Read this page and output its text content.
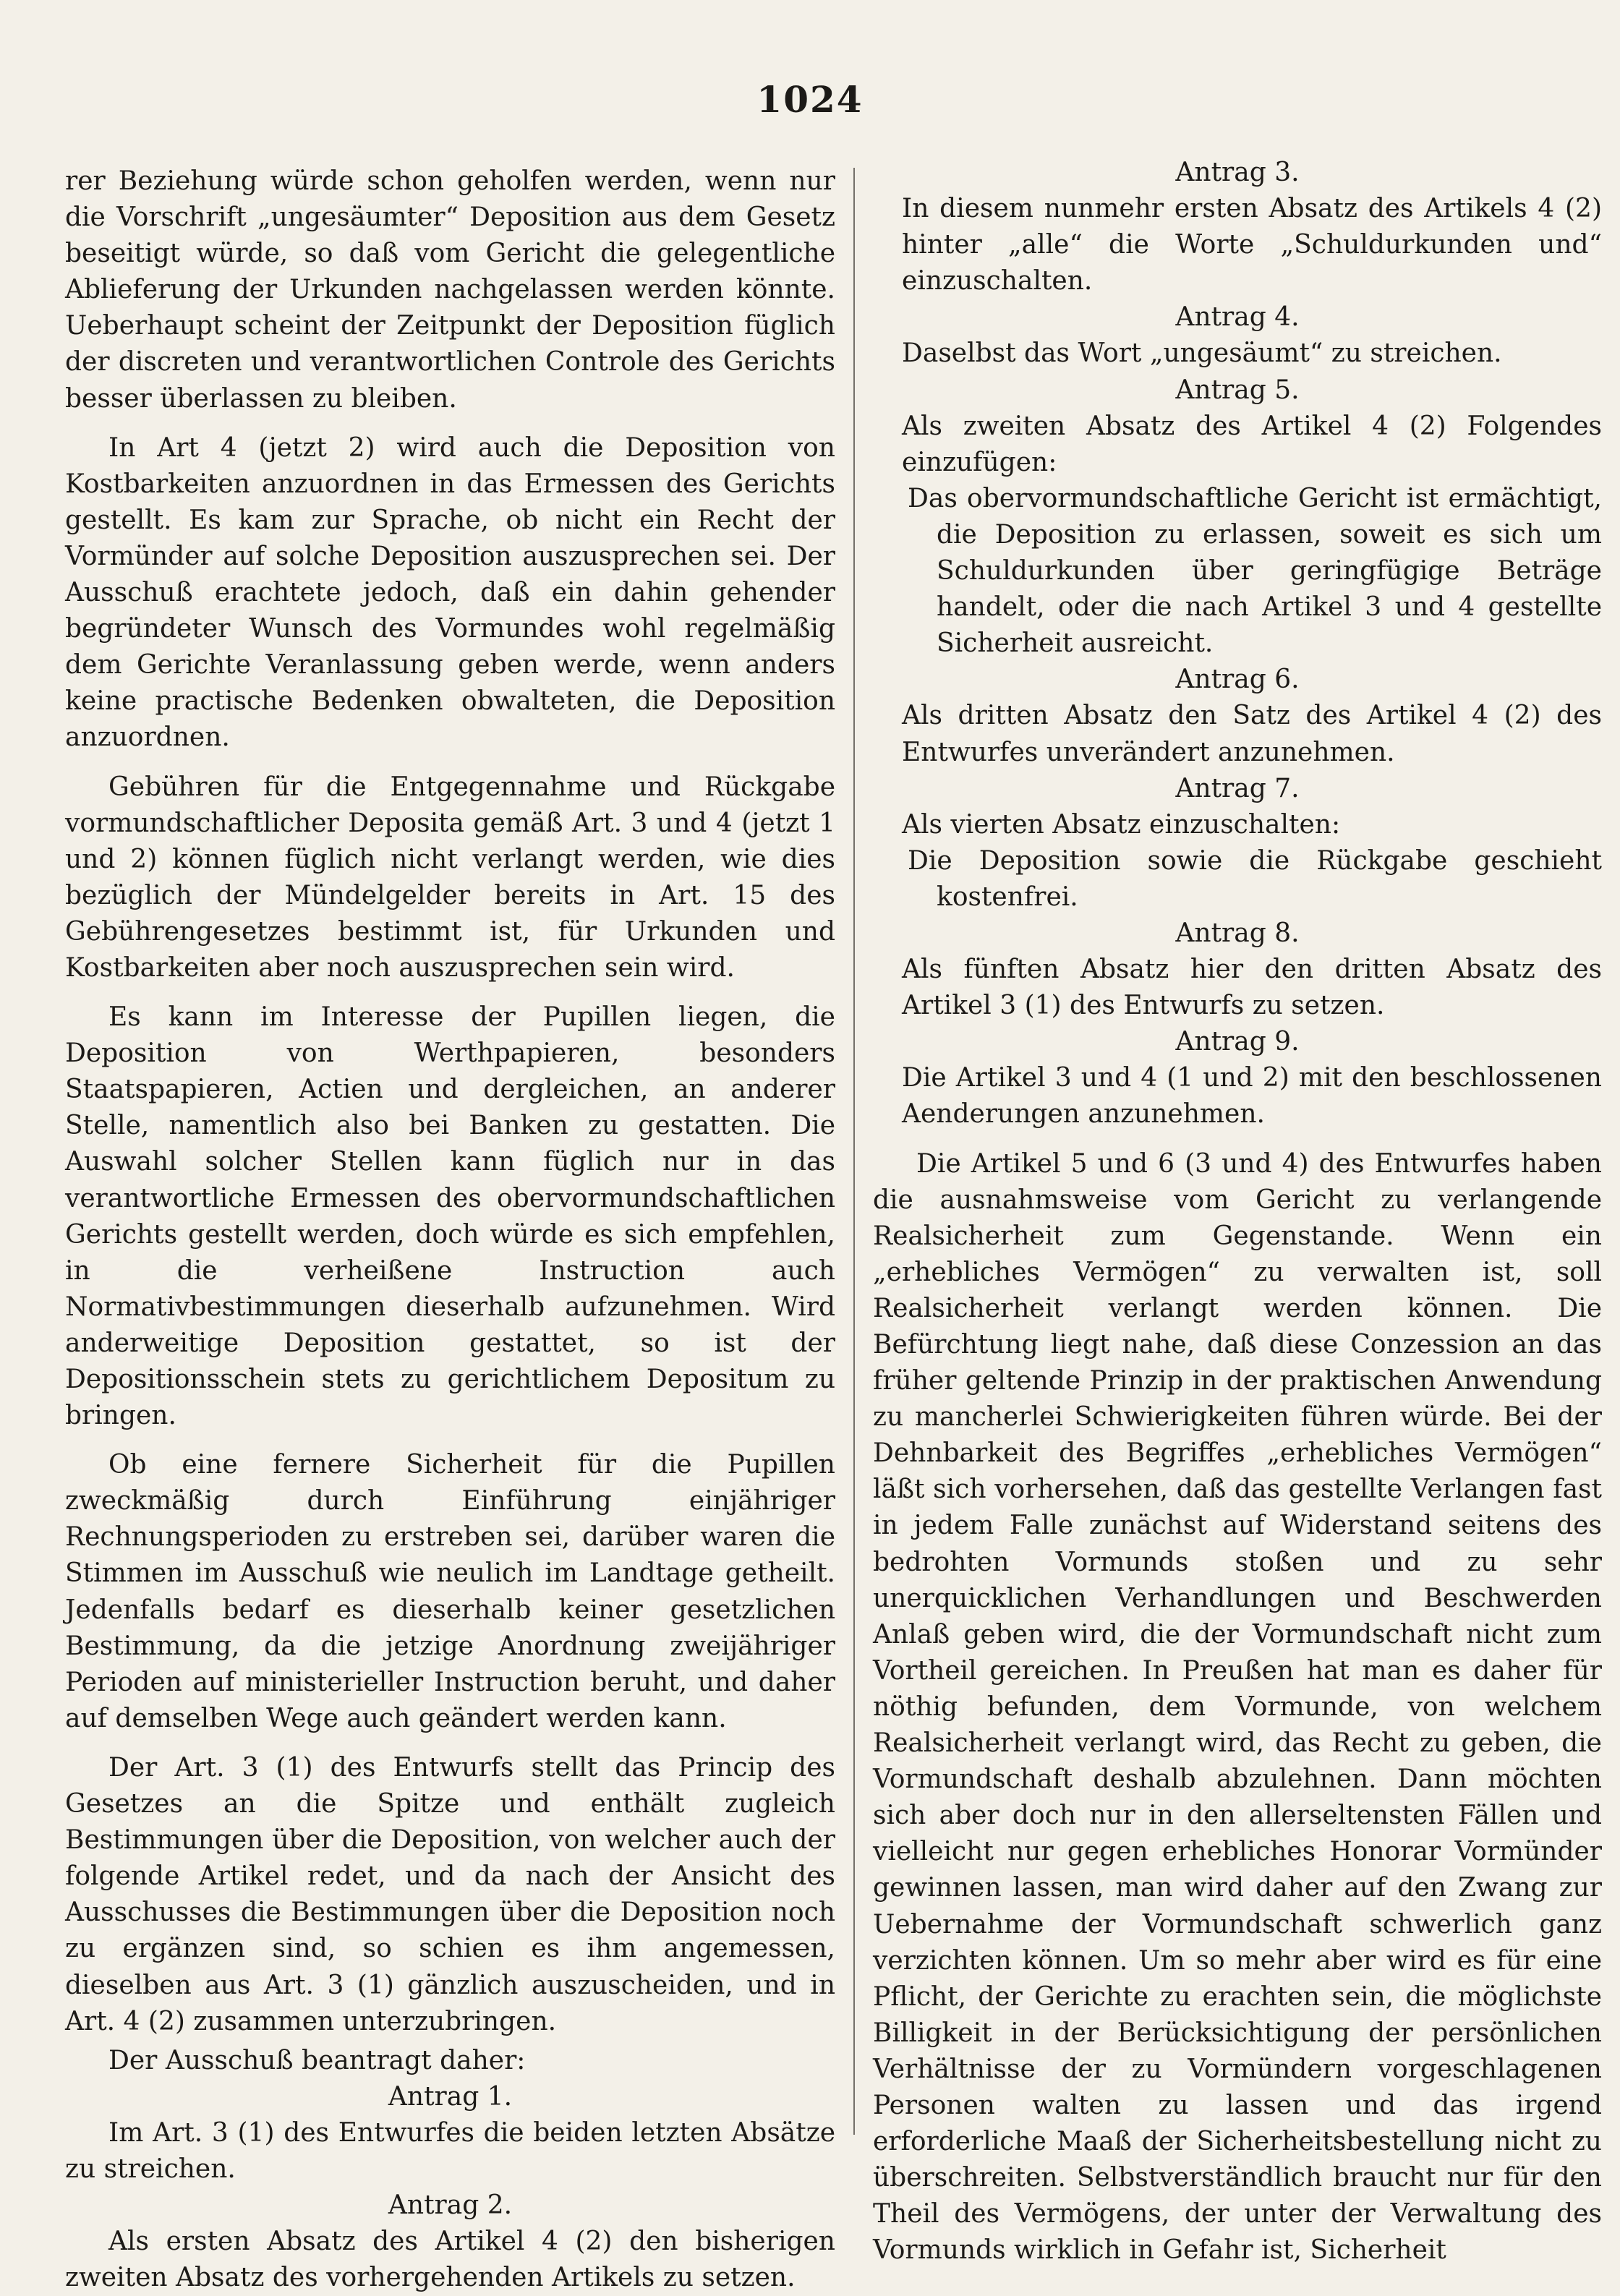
1024

rer Beziehung würde schon geholfen werden, wenn nur die Vorschrift „ungesäumter“ Deposition aus dem Gesetz beseitigt würde, so daß vom Gericht die gelegentliche Ablieferung der Urkunden nachgelassen werden könnte. Ueberhaupt scheint der Zeitpunkt der Deposition füglich der discreten und verantwortlichen Controle des Gerichts besser überlassen zu bleiben.

In Art 4 (jetzt 2) wird auch die Deposition von Kostbarkeiten anzuordnen in das Ermessen des Gerichts gestellt. Es kam zur Sprache, ob nicht ein Recht der Vormünder auf solche Deposition auszusprechen sei. Der Ausschuß erachtete jedoch, daß ein dahin gehender begründeter Wunsch des Vormundes wohl regelmäßig dem Gerichte Veranlassung geben werde, wenn anders keine practische Bedenken obwalteten, die Deposition anzuordnen.

Gebühren für die Entgegennahme und Rückgabe vormundschaftlicher Deposita gemäß Art. 3 und 4 (jetzt 1 und 2) können füglich nicht verlangt werden, wie dies bezüglich der Mündelgelder bereits in Art. 15 des Gebührengesetzes bestimmt ist, für Urkunden und Kostbarkeiten aber noch auszusprechen sein wird.

Es kann im Interesse der Pupillen liegen, die Deposition von Werthpapieren, besonders Staatspapieren, Actien und dergleichen, an anderer Stelle, namentlich also bei Banken zu gestatten. Die Auswahl solcher Stellen kann füglich nur in das verantwortliche Ermessen des obervormundschaftlichen Gerichts gestellt werden, doch würde es sich empfehlen, in die verheißene Instruction auch Normativbestimmungen dieserhalb aufzunehmen. Wird anderweitige Deposition gestattet, so ist der Depositionsschein stets zu gerichtlichem Depositum zu bringen.

Ob eine fernere Sicherheit für die Pupillen zweckmäßig durch Einführung einjähriger Rechnungsperioden zu erstreben sei, darüber waren die Stimmen im Ausschuß wie neulich im Landtage getheilt. Jedenfalls bedarf es dieserhalb keiner gesetzlichen Bestimmung, da die jetzige Anordnung zweijähriger Perioden auf ministerieller Instruction beruht, und daher auf demselben Wege auch geändert werden kann.

Der Art. 3 (1) des Entwurfs stellt das Princip des Gesetzes an die Spitze und enthält zugleich Bestimmungen über die Deposition, von welcher auch der folgende Artikel redet, und da nach der Ansicht des Ausschusses die Bestimmungen über die Deposition noch zu ergänzen sind, so schien es ihm angemessen, dieselben aus Art. 3 (1) gänzlich auszuscheiden, und in Art. 4 (2) zusammen unterzubringen.

Der Ausschuß beantragt daher:

Antrag 1.

Im Art. 3 (1) des Entwurfes die beiden letzten Absätze zu streichen.

Antrag 2.

Als ersten Absatz des Artikel 4 (2) den bisherigen zweiten Absatz des vorhergehenden Artikels zu setzen.

Antrag 3.

In diesem nunmehr ersten Absatz des Artikels 4 (2) hinter „alle“ die Worte „Schuldurkunden und“ einzuschalten.

Antrag 4.

Daselbst das Wort „ungesäumt“ zu streichen.

Antrag 5.

Als zweiten Absatz des Artikel 4 (2) Folgendes einzufügen:

Das obervormundschaftliche Gericht ist ermächtigt, die Deposition zu erlassen, soweit es sich um Schuldurkunden über geringfügige Beträge handelt, oder die nach Artikel 3 und 4 gestellte Sicherheit ausreicht.

Antrag 6.

Als dritten Absatz den Satz des Artikel 4 (2) des Entwurfes unverändert anzunehmen.

Antrag 7.

Als vierten Absatz einzuschalten:

Die Deposition sowie die Rückgabe geschieht kostenfrei.

Antrag 8.

Als fünften Absatz hier den dritten Absatz des Artikel 3 (1) des Entwurfs zu setzen.

Antrag 9.

Die Artikel 3 und 4 (1 und 2) mit den beschlossenen Aenderungen anzunehmen.

Die Artikel 5 und 6 (3 und 4) des Entwurfes haben die ausnahmsweise vom Gericht zu verlangende Realsicherheit zum Gegenstande. Wenn ein „erhebliches Vermögen“ zu verwalten ist, soll Realsicherheit verlangt werden können. Die Befürchtung liegt nahe, daß diese Conzession an das früher geltende Prinzip in der praktischen Anwendung zu mancherlei Schwierigkeiten führen würde. Bei der Dehnbarkeit des Begriffes „erhebliches Vermögen“ läßt sich vorhersehen, daß das gestellte Verlangen fast in jedem Falle zunächst auf Widerstand seitens des bedrohten Vormunds stoßen und zu sehr unerquicklichen Verhandlungen und Beschwerden Anlaß geben wird, die der Vormundschaft nicht zum Vortheil gereichen. In Preußen hat man es daher für nöthig befunden, dem Vormunde, von welchem Realsicherheit verlangt wird, das Recht zu geben, die Vormundschaft deshalb abzulehnen. Dann möchten sich aber doch nur in den allerseltensten Fällen und vielleicht nur gegen erhebliches Honorar Vormünder gewinnen lassen, man wird daher auf den Zwang zur Uebernahme der Vormundschaft schwerlich ganz verzichten können. Um so mehr aber wird es für eine Pflicht, der Gerichte zu erachten sein, die möglichste Billigkeit in der Berücksichtigung der persönlichen Verhältnisse der zu Vormündern vorgeschlagenen Personen walten zu lassen und das irgend erforderliche Maaß der Sicherheitsbestellung nicht zu überschreiten. Selbstverständlich braucht nur für den Theil des Vermögens, der unter der Verwaltung des Vormunds wirklich in Gefahr ist, Sicherheit
